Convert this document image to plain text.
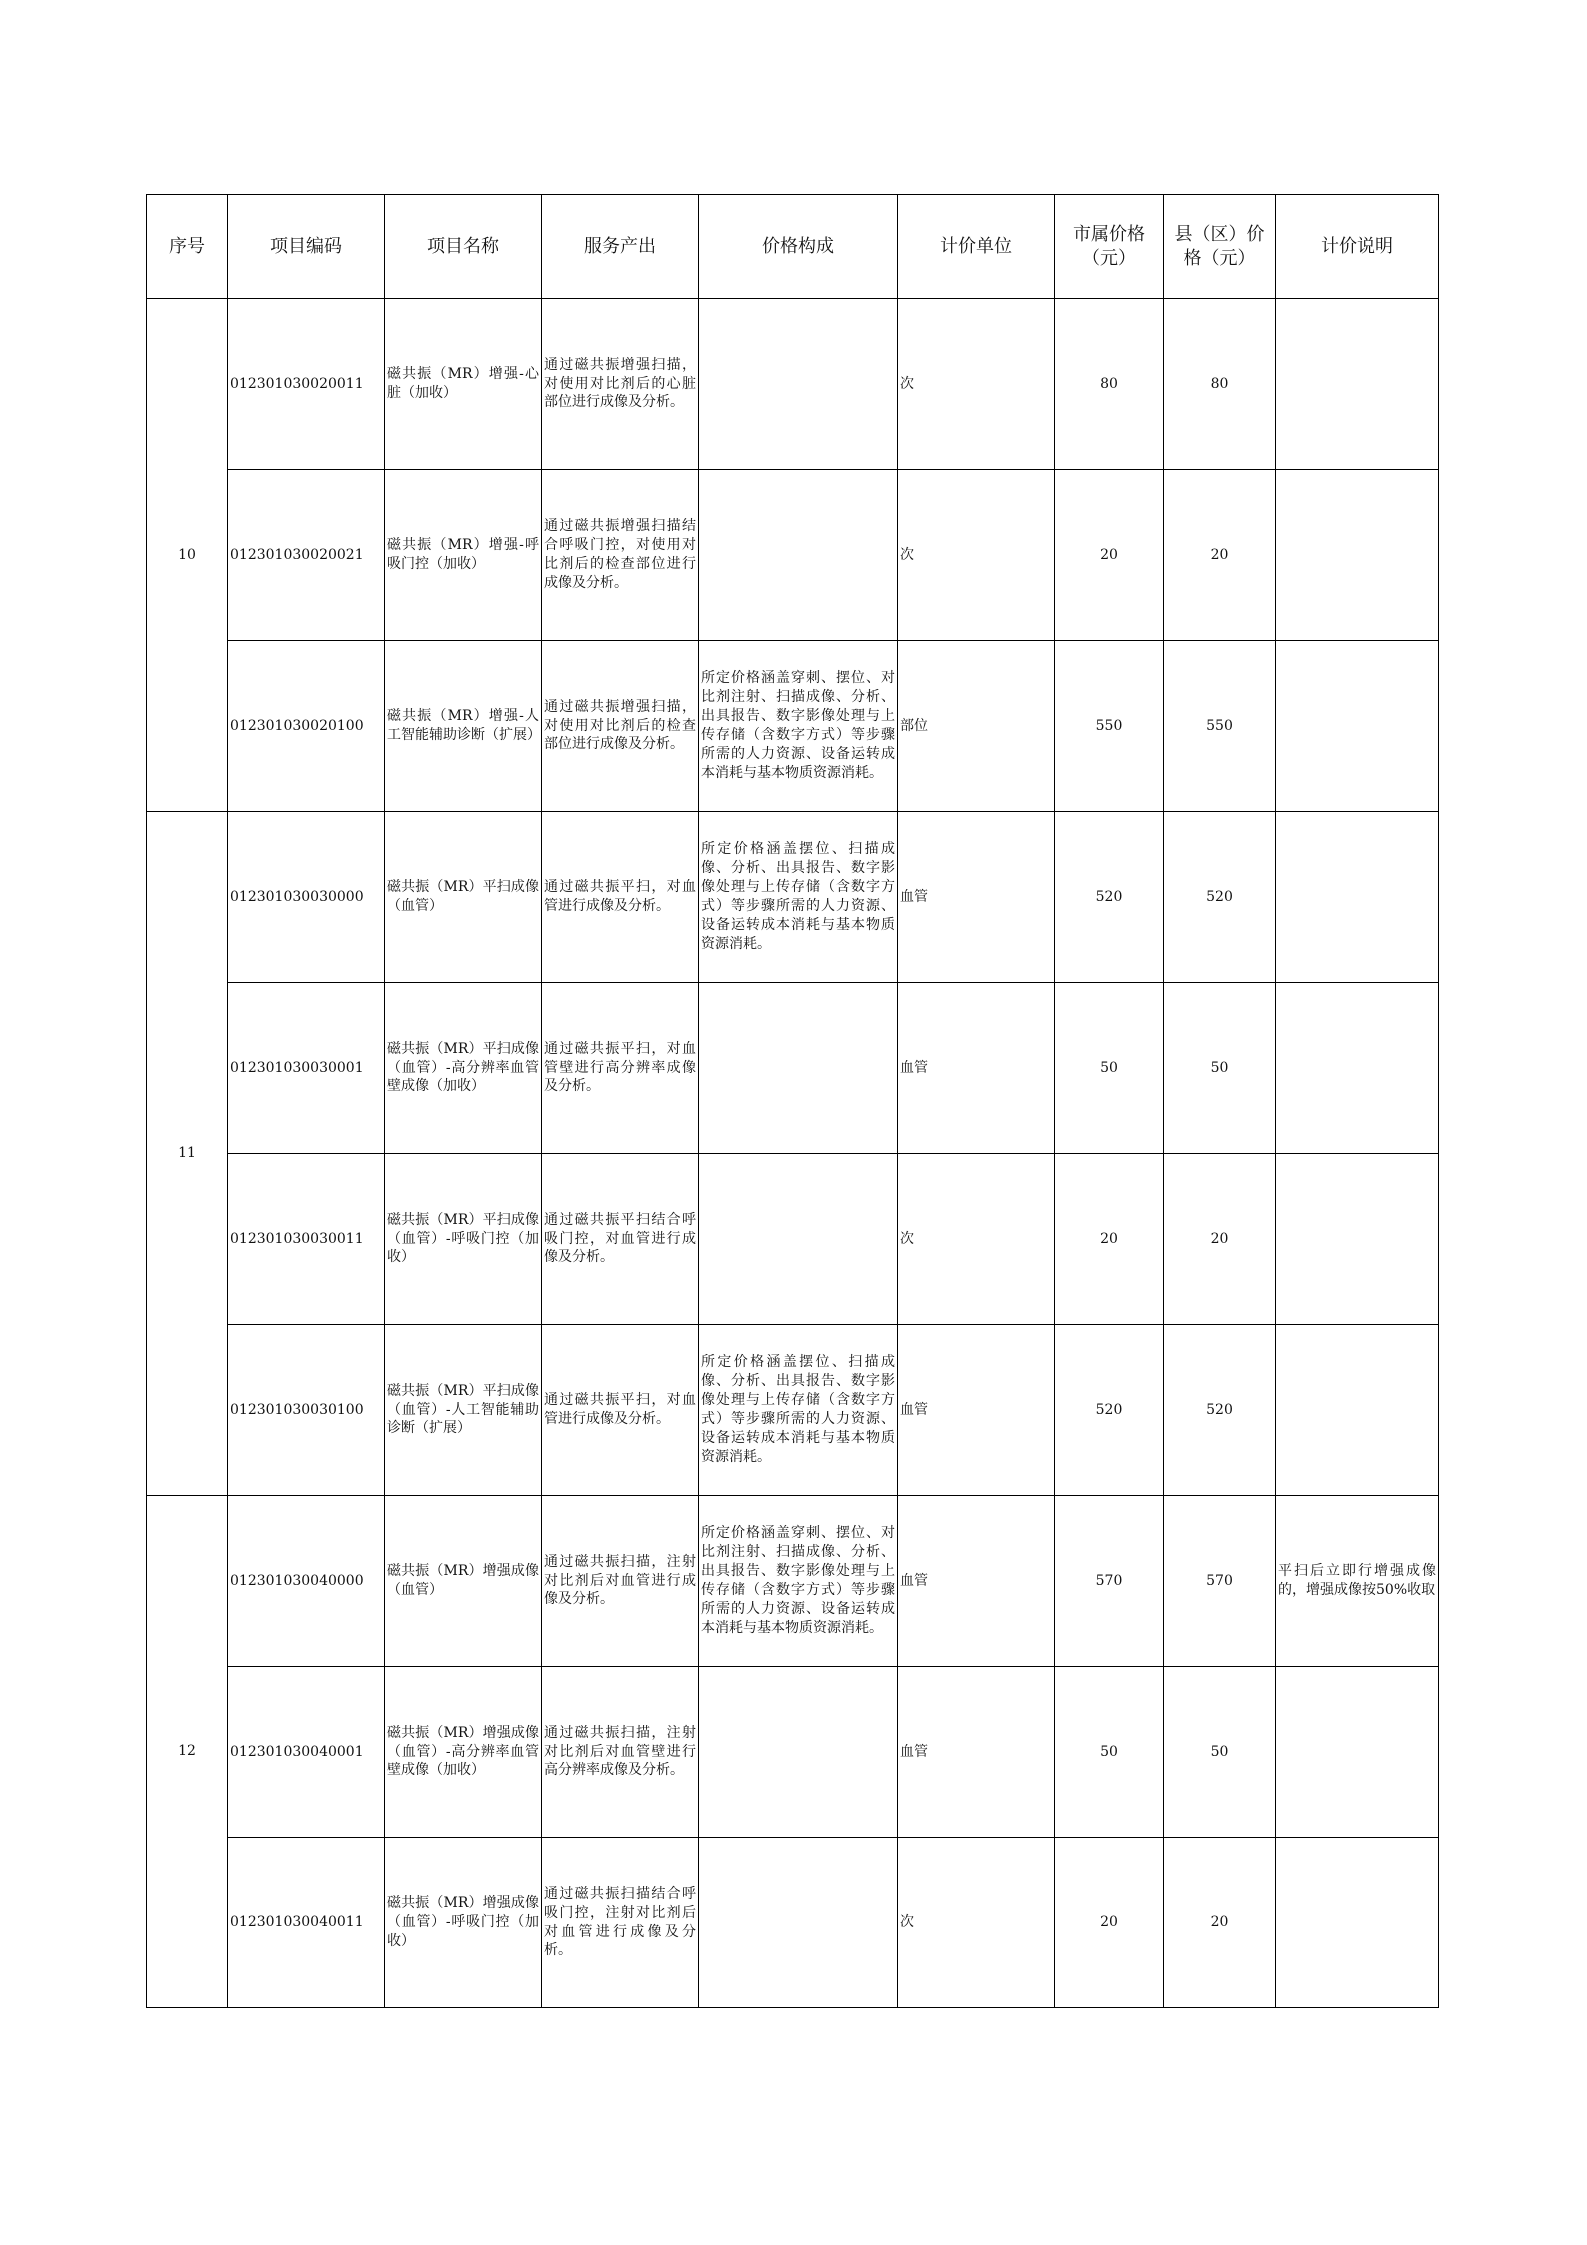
序号	项目编码	项目名称	服务产出	价格构成	计价单位	市属价格（元）	县（区）价格（元）	计价说明
10	012301030020011	磁共振（MR）增强-心脏（加收）	通过磁共振增强扫描，对使用对比剂后的心脏部位进行成像及分析。		次	80	80	
	012301030020021	磁共振（MR）增强-呼吸门控（加收）	通过磁共振增强扫描结合呼吸门控，对使用对比剂后的检查部位进行成像及分析。		次	20	20	
	012301030020100	磁共振（MR）增强-人工智能辅助诊断（扩展）	通过磁共振增强扫描，对使用对比剂后的检查部位进行成像及分析。	所定价格涵盖穿刺、摆位、对比剂注射、扫描成像、分析、出具报告、数字影像处理与上传存储（含数字方式）等步骤所需的人力资源、设备运转成本消耗与基本物质资源消耗。	部位	550	550	
11	012301030030000	磁共振（MR）平扫成像（血管）	通过磁共振平扫，对血管进行成像及分析。	所定价格涵盖摆位、扫描成像、分析、出具报告、数字影像处理与上传存储（含数字方式）等步骤所需的人力资源、设备运转成本消耗与基本物质资源消耗。	血管	520	520	
	012301030030001	磁共振（MR）平扫成像（血管）-高分辨率血管壁成像（加收）	通过磁共振平扫，对血管壁进行高分辨率成像及分析。		血管	50	50	
	012301030030011	磁共振（MR）平扫成像（血管）-呼吸门控（加收）	通过磁共振平扫结合呼吸门控，对血管进行成像及分析。		次	20	20	
	012301030030100	磁共振（MR）平扫成像（血管）-人工智能辅助诊断（扩展）	通过磁共振平扫，对血管进行成像及分析。	所定价格涵盖摆位、扫描成像、分析、出具报告、数字影像处理与上传存储（含数字方式）等步骤所需的人力资源、设备运转成本消耗与基本物质资源消耗。	血管	520	520	
12	012301030040000	磁共振（MR）增强成像（血管）	通过磁共振扫描，注射对比剂后对血管进行成像及分析。	所定价格涵盖穿刺、摆位、对比剂注射、扫描成像、分析、出具报告、数字影像处理与上传存储（含数字方式）等步骤所需的人力资源、设备运转成本消耗与基本物质资源消耗。	血管	570	570	平扫后立即行增强成像的，增强成像按50%收取
	012301030040001	磁共振（MR）增强成像（血管）-高分辨率血管壁成像（加收）	通过磁共振扫描，注射对比剂后对血管壁进行高分辨率成像及分析。		血管	50	50	
	012301030040011	磁共振（MR）增强成像（血管）-呼吸门控（加收）	通过磁共振扫描结合呼吸门控，注射对比剂后对血管进行成像及分析。		次	20	20	
